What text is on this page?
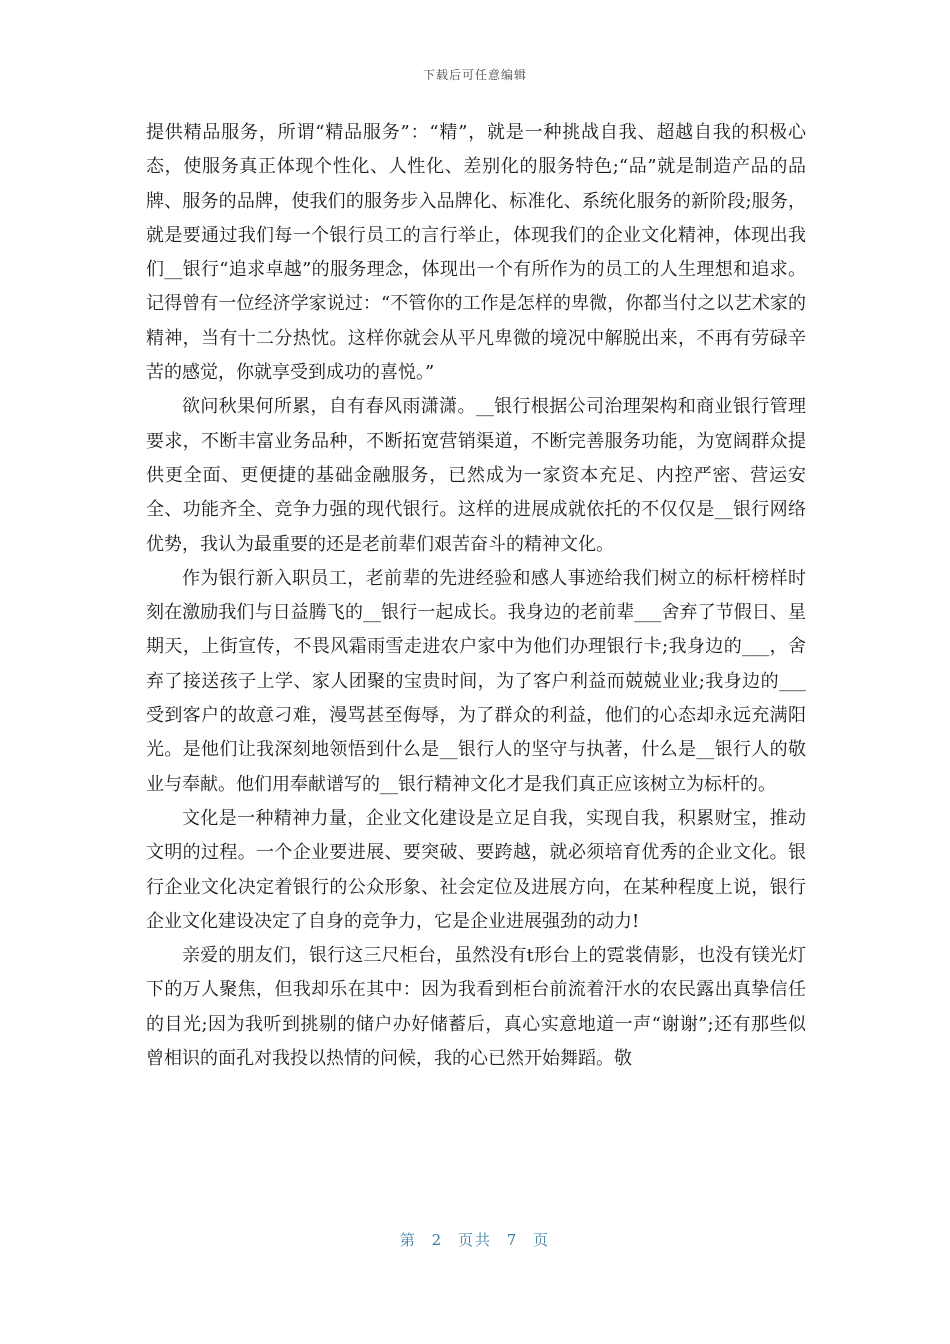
下载后可任意编辑

提供精品服务，所谓“精品服务”：“精”，就是一种挑战自我、超越自我的积极心态，使服务真正体现个性化、人性化、差别化的服务特色;“品”就是制造产品的品牌、服务的品牌，使我们的服务步入品牌化、标准化、系统化服务的新阶段;服务，就是要通过我们每一个银行员工的言行举止，体现我们的企业文化精神，体现出我们__银行“追求卓越”的服务理念，体现出一个有所作为的员工的人生理想和追求。记得曾有一位经济学家说过：“不管你的工作是怎样的卑微，你都当付之以艺术家的精神，当有十二分热忱。这样你就会从平凡卑微的境况中解脱出来，不再有劳碌辛苦的感觉，你就享受到成功的喜悦。”

欲问秋果何所累，自有春风雨潇潇。__银行根据公司治理架构和商业银行管理要求，不断丰富业务品种，不断拓宽营销渠道，不断完善服务功能，为宽阔群众提供更全面、更便捷的基础金融服务，已然成为一家资本充足、内控严密、营运安全、功能齐全、竞争力强的现代银行。这样的进展成就依托的不仅仅是__银行网络优势，我认为最重要的还是老前辈们艰苦奋斗的精神文化。

作为银行新入职员工，老前辈的先进经验和感人事迹给我们树立的标杆榜样时刻在激励我们与日益腾飞的__银行一起成长。我身边的老前辈___舍弃了节假日、星期天，上街宣传，不畏风霜雨雪走进农户家中为他们办理银行卡;我身边的___，舍弃了接送孩子上学、家人团聚的宝贵时间，为了客户利益而兢兢业业;我身边的___受到客户的故意刁难，漫骂甚至侮辱，为了群众的利益，他们的心态却永远充满阳光。是他们让我深刻地领悟到什么是__银行人的坚守与执著，什么是__银行人的敬业与奉献。他们用奉献谱写的__银行精神文化才是我们真正应该树立为标杆的。

文化是一种精神力量，企业文化建设是立足自我，实现自我，积累财宝，推动文明的过程。一个企业要进展、要突破、要跨越，就必须培育优秀的企业文化。银行企业文化决定着银行的公众形象、社会定位及进展方向，在某种程度上说，银行企业文化建设决定了自身的竞争力，它是企业进展强劲的动力!

亲爱的朋友们，银行这三尺柜台，虽然没有t形台上的霓裳倩影，也没有镁光灯下的万人聚焦，但我却乐在其中：因为我看到柜台前流着汗水的农民露出真挚信任的目光;因为我听到挑剔的储户办好储蓄后，真心实意地道一声“谢谢”;还有那些似曾相识的面孔对我投以热情的问候，我的心已然开始舞蹈。敬

第 2 页共 7 页
